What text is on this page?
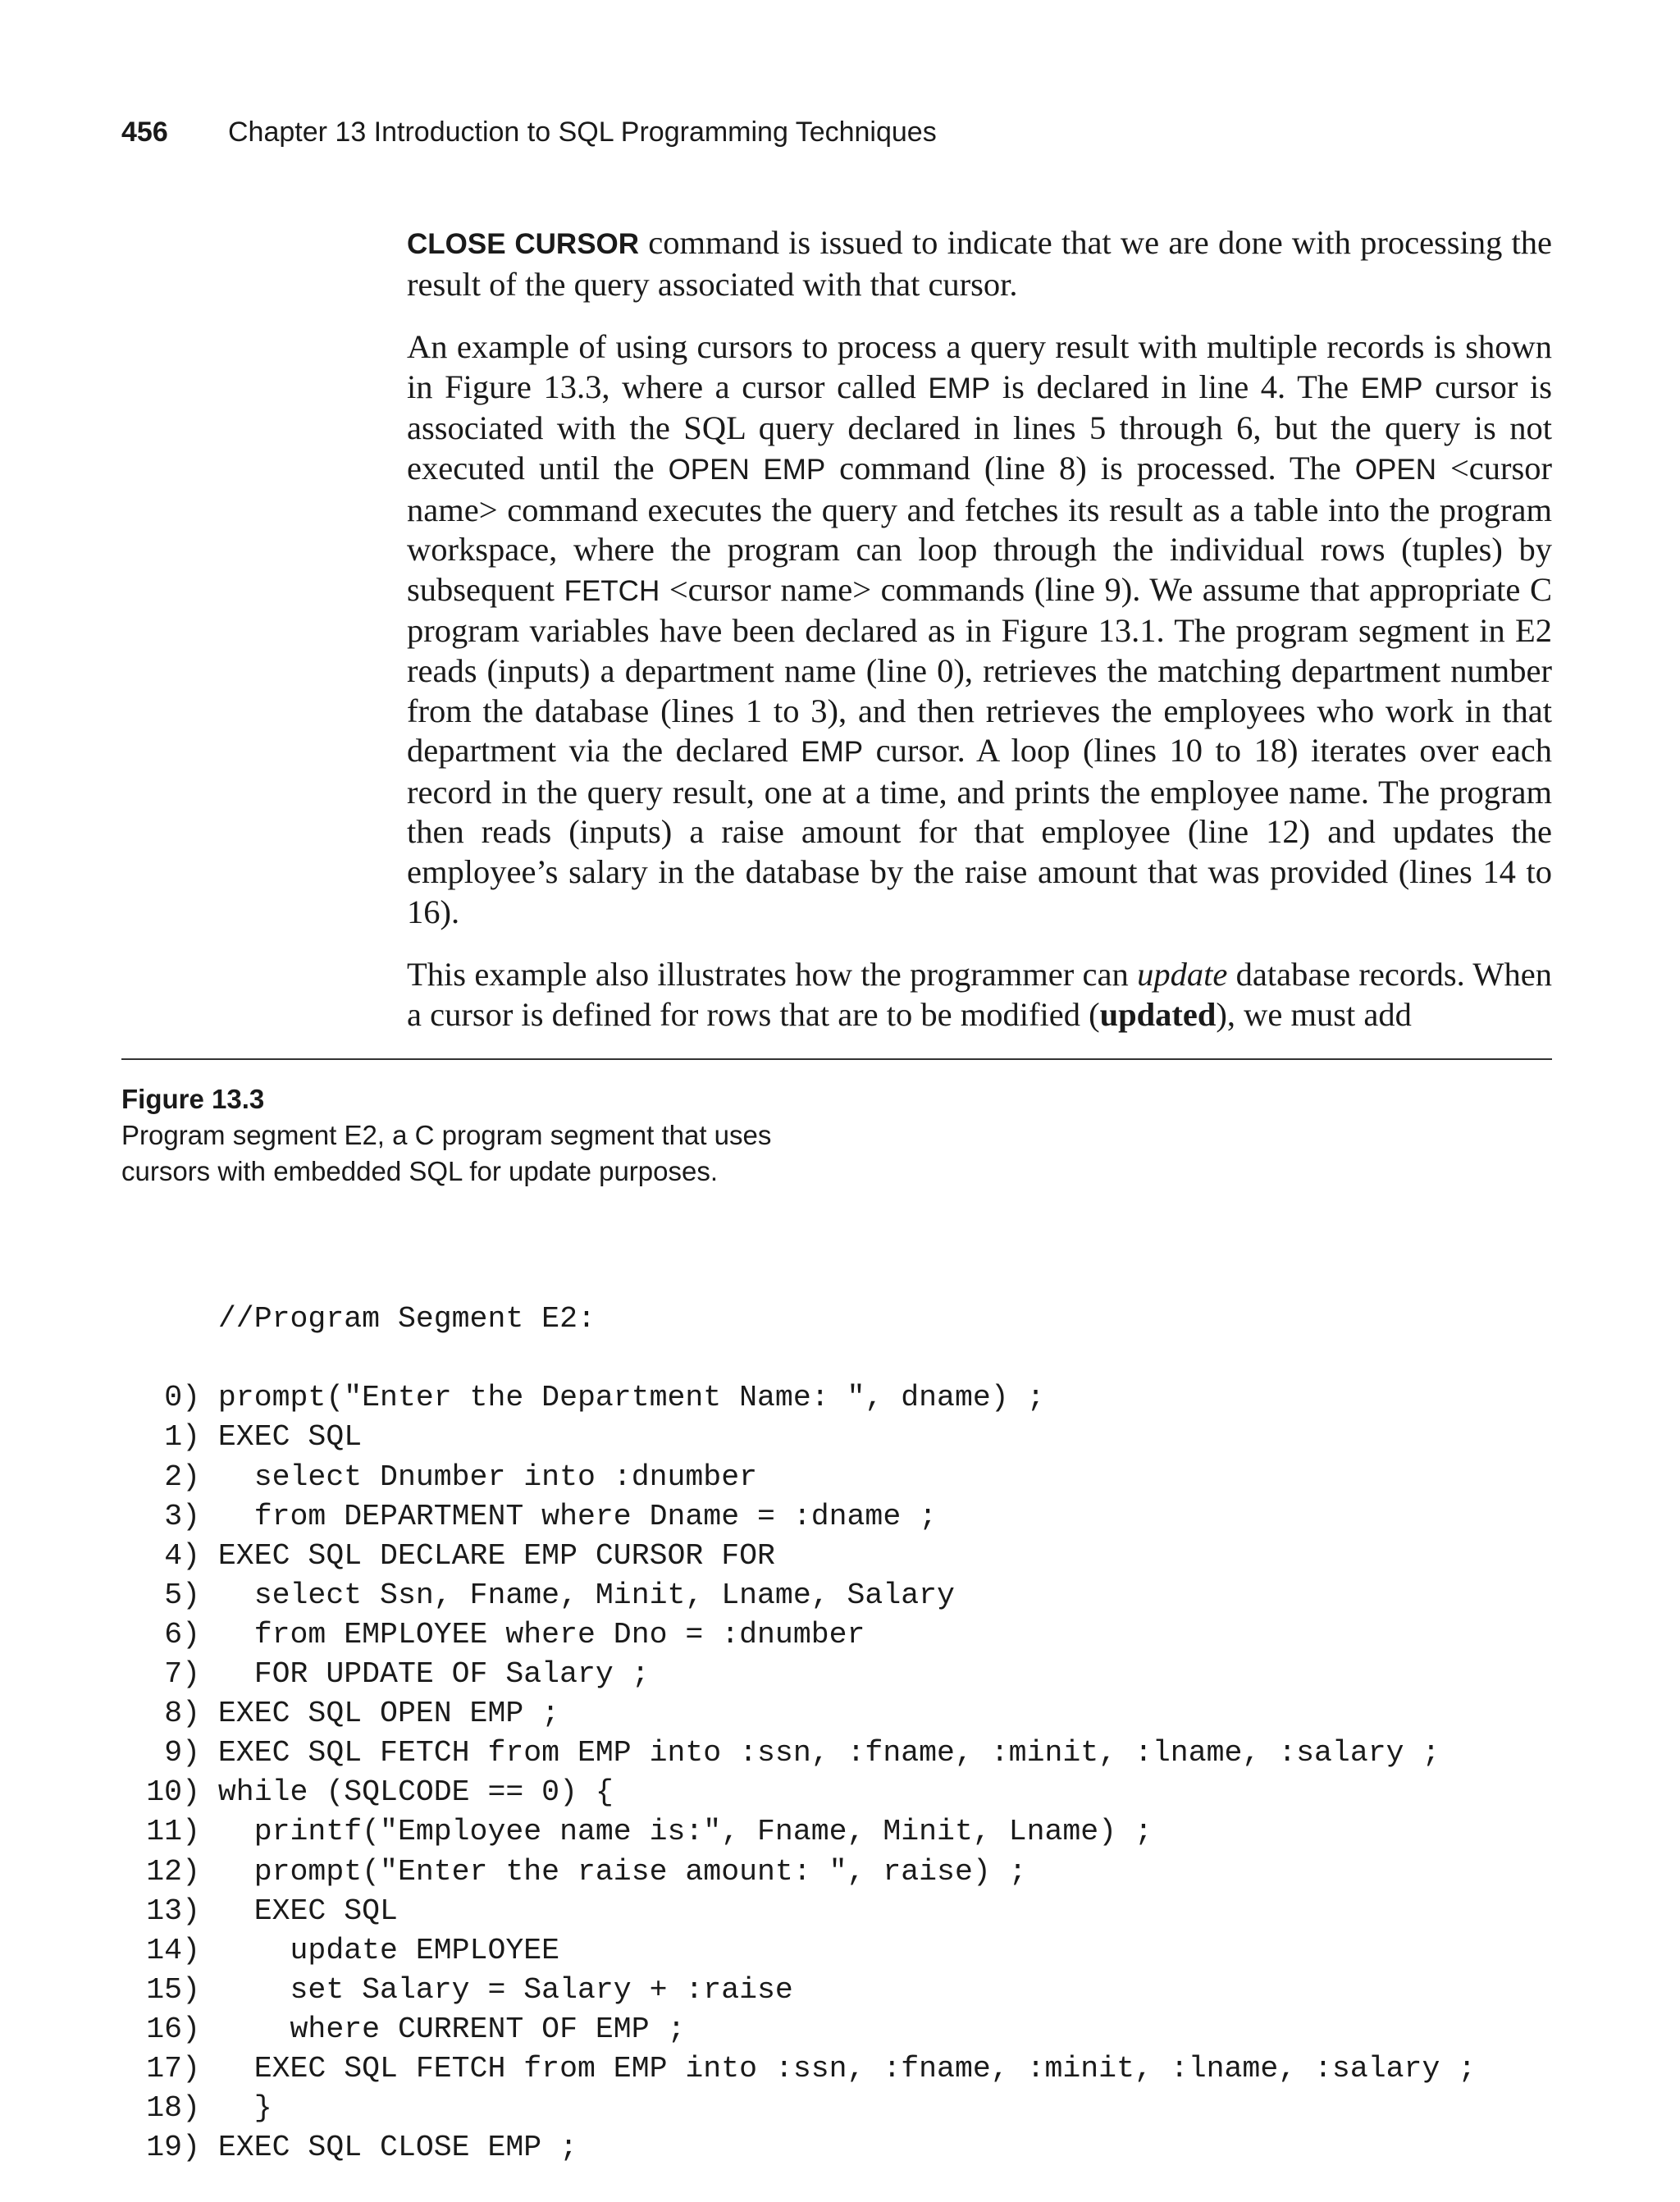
456 Chapter 13 Introduction to SQL Programming Techniques

CLOSE CURSOR command is issued to indicate that we are done with processing the result of the query associated with that cursor.

An example of using cursors to process a query result with multiple records is shown in Figure 13.3, where a cursor called EMP is declared in line 4. The EMP cursor is associated with the SQL query declared in lines 5 through 6, but the query is not executed until the OPEN EMP command (line 8) is processed. The OPEN <cursor name> command executes the query and fetches its result as a table into the program workspace, where the program can loop through the individual rows (tuples) by subsequent FETCH <cursor name> commands (line 9). We assume that appropriate C program variables have been declared as in Figure 13.1. The program segment in E2 reads (inputs) a department name (line 0), retrieves the matching department number from the database (lines 1 to 3), and then retrieves the employees who work in that department via the declared EMP cursor. A loop (lines 10 to 18) iterates over each record in the query result, one at a time, and prints the employee name. The program then reads (inputs) a raise amount for that employee (line 12) and updates the employee’s salary in the database by the raise amount that was provided (lines 14 to 16).

This example also illustrates how the programmer can update database records. When a cursor is defined for rows that are to be modified (updated), we must add

Figure 13.3
Program segment E2, a C program segment that uses cursors with embedded SQL for update purposes.

//Program Segment E2:

0) prompt("Enter the Department Name: ", dname) ;
1) EXEC SQL
2)   select Dnumber into :dnumber
3)   from DEPARTMENT where Dname = :dname ;
4) EXEC SQL DECLARE EMP CURSOR FOR
5)   select Ssn, Fname, Minit, Lname, Salary
6)   from EMPLOYEE where Dno = :dnumber
7)   FOR UPDATE OF Salary ;
8) EXEC SQL OPEN EMP ;
9) EXEC SQL FETCH from EMP into :ssn, :fname, :minit, :lname, :salary ;
10) while (SQLCODE == 0) {
11)   printf("Employee name is:", Fname, Minit, Lname) ;
12)   prompt("Enter the raise amount: ", raise) ;
13)   EXEC SQL
14)     update EMPLOYEE
15)     set Salary = Salary + :raise
16)     where CURRENT OF EMP ;
17)   EXEC SQL FETCH from EMP into :ssn, :fname, :minit, :lname, :salary ;
18)   }
19) EXEC SQL CLOSE EMP ;
